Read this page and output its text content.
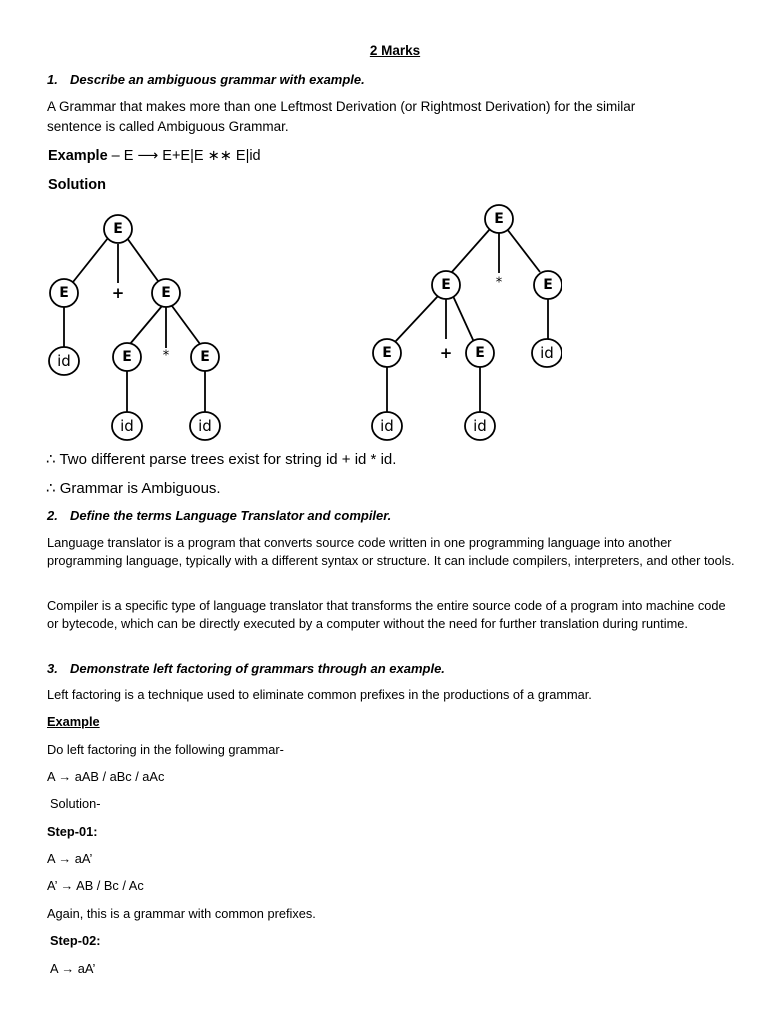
2 Marks
1. Describe an ambiguous grammar with example.
A Grammar that makes more than one Leftmost Derivation (or Rightmost Derivation) for the similar
sentence is called Ambiguous Grammar.
Example – E ⟶ E+E|E ∗∗ E|id
Solution
E
E	E
E	E
E
E	E
E	E
id
id	id
id
id	id
+
*
*
+
∴ Two different parse trees exist for string id + id * id.
∴ Grammar is Ambiguous.
2. Define the terms Language Translator and compiler.
Language translator is a program that converts source code written in one programming language into another programming language, typically with a different syntax or structure. It can include compilers, interpreters, and other tools.
Compiler is a specific type of language translator that transforms the entire source code of a program into machine code or bytecode, which can be directly executed by a computer without the need for further translation during runtime.
3. Demonstrate left factoring of grammars through an example.
Left factoring is a technique used to eliminate common prefixes in the productions of a grammar.
Example
Do left factoring in the following grammar-
A → aAB / aBc / aAc
Solution-
Step-01:
A → aA’
A’ → AB / Bc / Ac
Again, this is a grammar with common prefixes.
Step-02:
A → aA’
